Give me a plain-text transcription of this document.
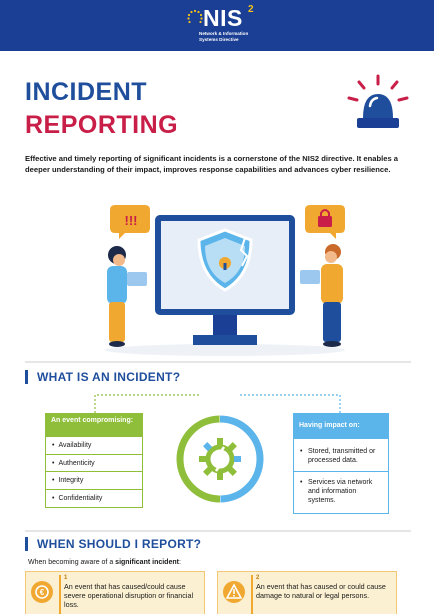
NIS 2
Network & Information Systems Directive
INCIDENT
REPORTING

Effective and timely reporting of significant incidents is a cornerstone of the NIS2 directive. It enables a deeper understanding of their impact, improves response capabilities and advances cyber resilience.

!!!
WHAT IS AN INCIDENT?
An event compromising:
• Availability
• Authenticity
• Integrity
• Confidentiality
Having impact on:
• Stored, transmitted or processed data.
• Services via network and information systems.
WHEN SHOULD I REPORT?
When becoming aware of a significant incident:
€
1
An event that has caused/could cause severe operational disruption or financial loss.
2
An event that has caused or could cause damage to natural or legal persons.
